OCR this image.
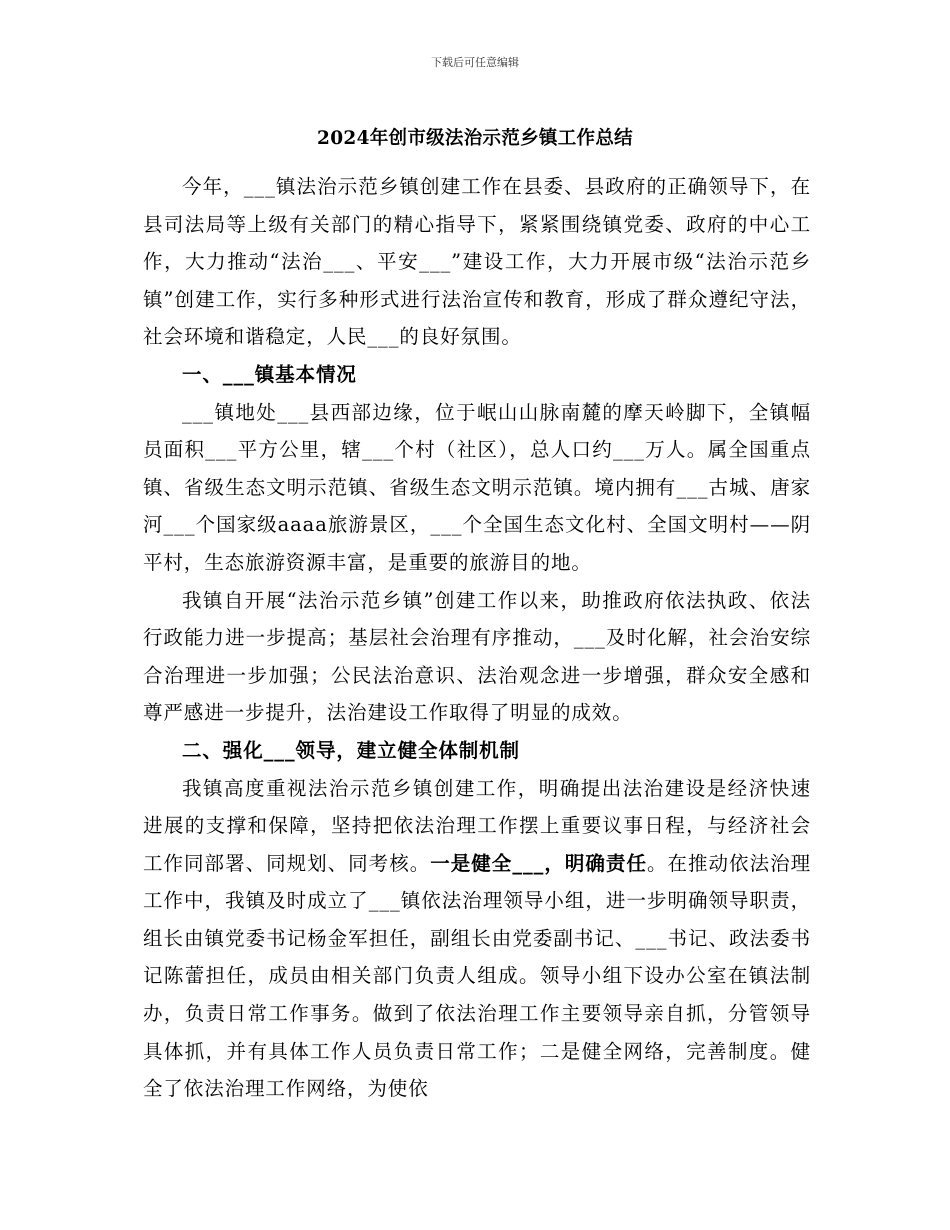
下载后可任意编辑
2024年创市级法治示范乡镇工作总结

今年，___镇法治示范乡镇创建工作在县委、县政府的正确领导下，在县司法局等上级有关部门的精心指导下，紧紧围绕镇党委、政府的中心工作，大力推动“法治___、平安___”建设工作，大力开展市级“法治示范乡镇”创建工作，实行多种形式进行法治宣传和教育，形成了群众遵纪守法，社会环境和谐稳定，人民___的良好氛围。

一、___镇基本情况

___镇地处___县西部边缘，位于岷山山脉南麓的摩天岭脚下，全镇幅员面积___平方公里，辖___个村（社区），总人口约___万人。属全国重点镇、省级生态文明示范镇、省级生态文明示范镇。境内拥有___古城、唐家河___个国家级aaaa旅游景区，___个全国生态文化村、全国文明村——阴平村，生态旅游资源丰富，是重要的旅游目的地。

我镇自开展“法治示范乡镇”创建工作以来，助推政府依法执政、依法行政能力进一步提高；基层社会治理有序推动，___及时化解，社会治安综合治理进一步加强；公民法治意识、法治观念进一步增强，群众安全感和尊严感进一步提升，法治建设工作取得了明显的成效。

二、强化___领导，建立健全体制机制

我镇高度重视法治示范乡镇创建工作，明确提出法治建设是经济快速进展的支撑和保障，坚持把依法治理工作摆上重要议事日程，与经济社会工作同部署、同规划、同考核。一是健全___，明确责任。在推动依法治理工作中，我镇及时成立了___镇依法治理领导小组，进一步明确领导职责，组长由镇党委书记杨金军担任，副组长由党委副书记、___书记、政法委书记陈蕾担任，成员由相关部门负责人组成。领导小组下设办公室在镇法制办，负责日常工作事务。做到了依法治理工作主要领导亲自抓，分管领导具体抓，并有具体工作人员负责日常工作；二是健全网络，完善制度。健全了依法治理工作网络，为使依
